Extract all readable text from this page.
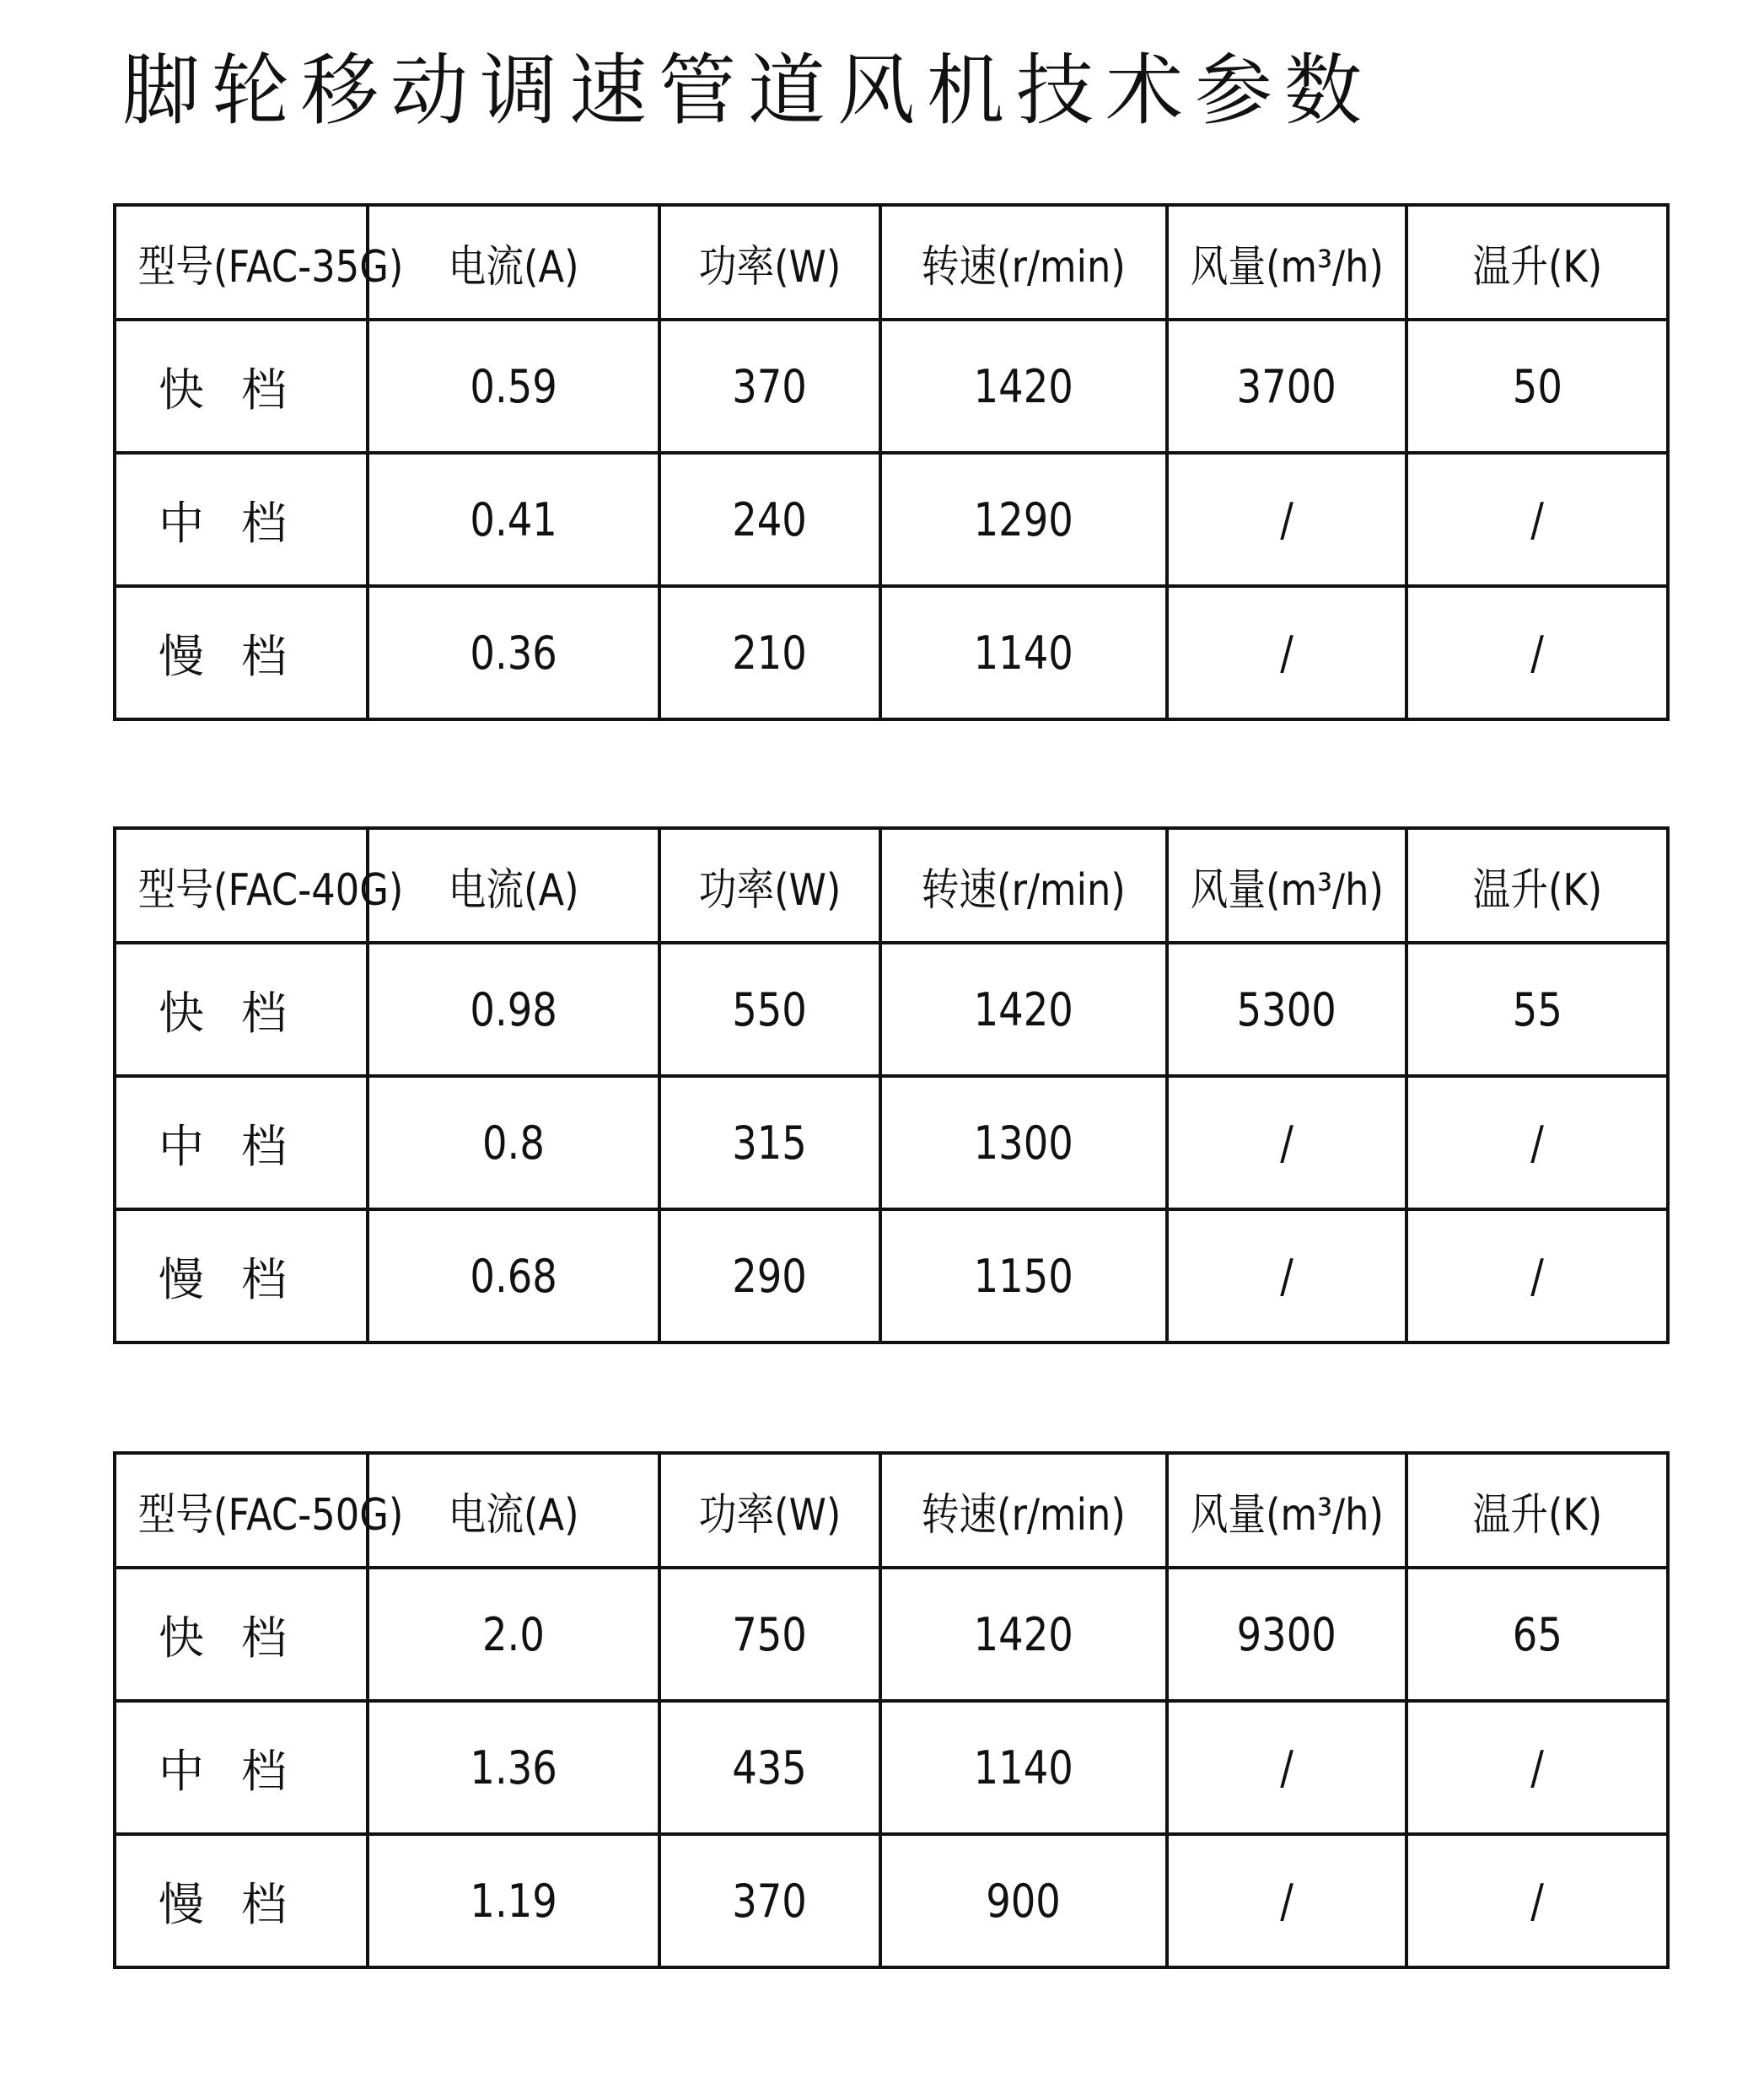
脚轮移动调速管道风机技术参数
型号(FAC-35G)	电流(A)	功率(W)	转速(r/min)	风量(m³/h)	温升(K)
快档	0.59	370	1420	3700	50
中档	0.41	240	1290	/	/
慢档	0.36	210	1140	/	/
型号(FAC-40G)	电流(A)	功率(W)	转速(r/min)	风量(m³/h)	温升(K)
快档	0.98	550	1420	5300	55
中档	0.8	315	1300	/	/
慢档	0.68	290	1150	/	/
型号(FAC-50G)	电流(A)	功率(W)	转速(r/min)	风量(m³/h)	温升(K)
快档	2.0	750	1420	9300	65
中档	1.36	435	1140	/	/
慢档	1.19	370	900	/	/
